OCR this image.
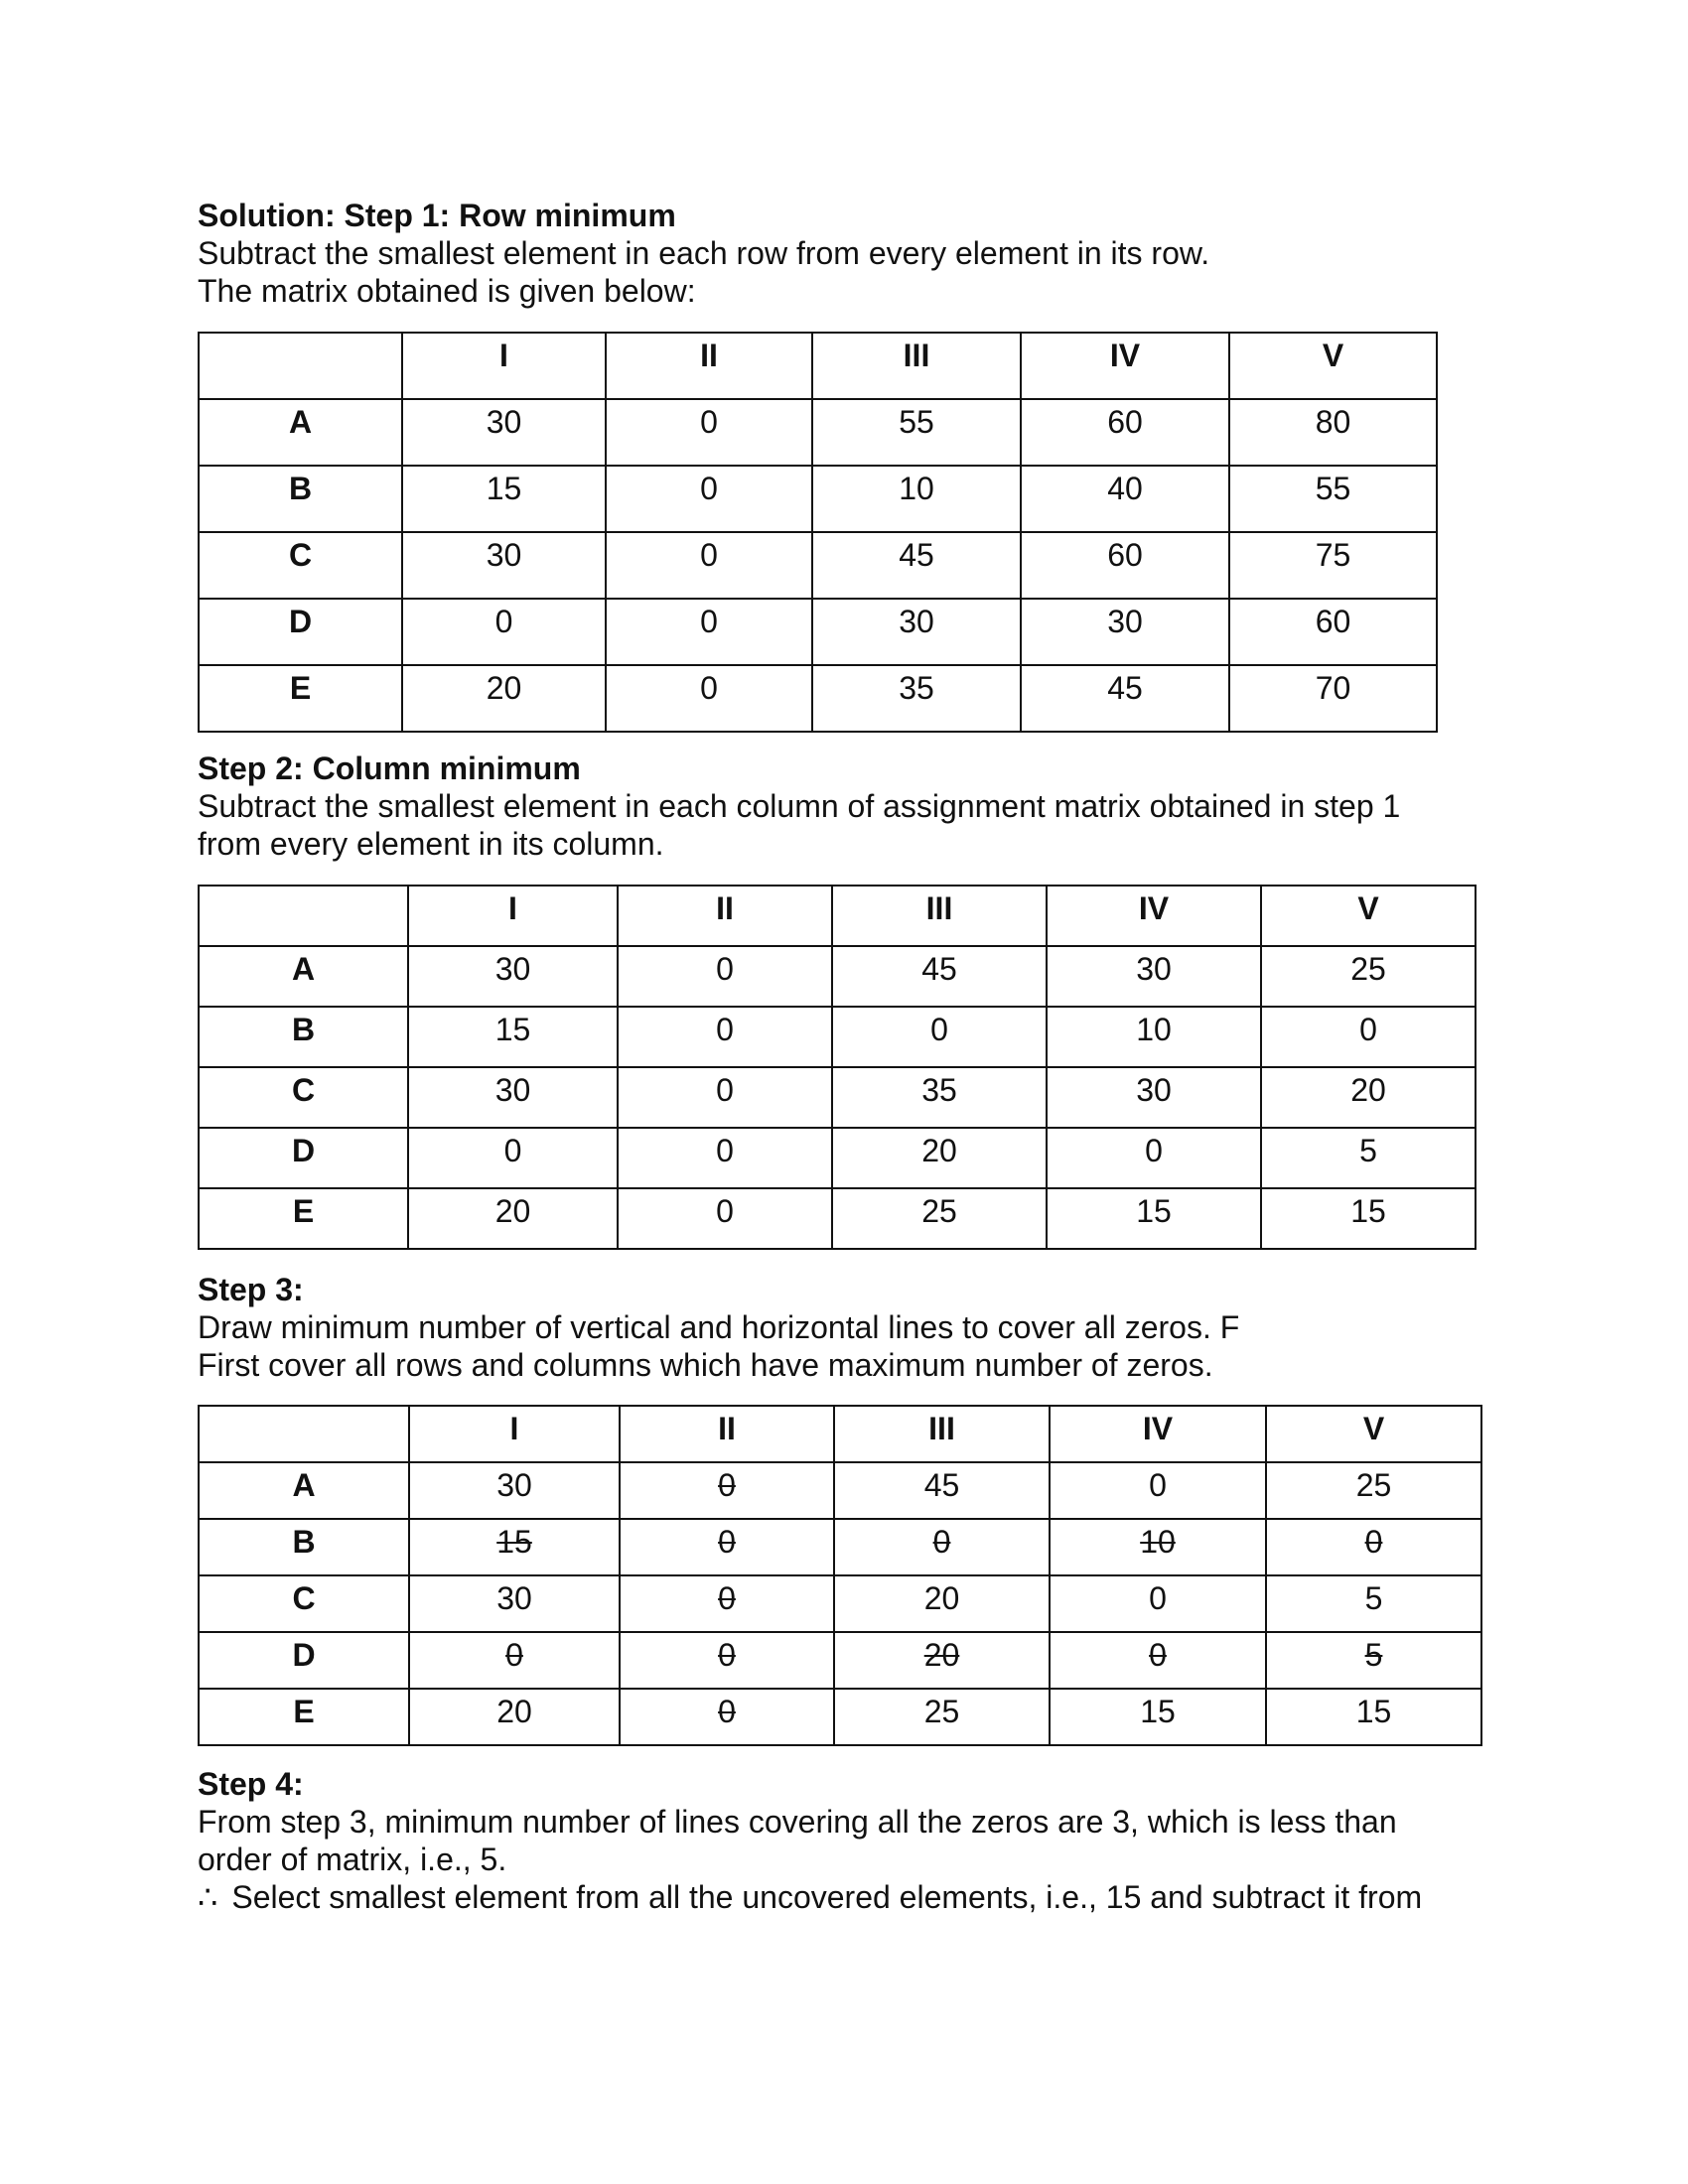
Solution: Step 1: Row minimum

Subtract the smallest element in each row from every element in its row.

The matrix obtained is given below:

	I	II	III	IV	V
A	30	0	55	60	80
B	15	0	10	40	55
C	30	0	45	60	75
D	0	0	30	30	60
E	20	0	35	45	70

Step 2: Column minimum

Subtract the smallest element in each column of assignment matrix obtained in step 1

from every element in its column.

	I	II	III	IV	V
A	30	0	45	30	25
B	15	0	0	10	0
C	30	0	35	30	20
D	0	0	20	0	5
E	20	0	25	15	15

Step 3:

Draw minimum number of vertical and horizontal lines to cover all zeros. F

First cover all rows and columns which have maximum number of zeros.

	I	II	III	IV	V
A	30	0	45	0	25
B	15	0	0	10	0
C	30	0	20	0	5
D	0	0	20	0	5
E	20	0	25	15	15

Step 4:

From step 3, minimum number of lines covering all the zeros are 3, which is less than

order of matrix, i.e., 5.

∴ Select smallest element from all the uncovered elements, i.e., 15 and subtract it from
